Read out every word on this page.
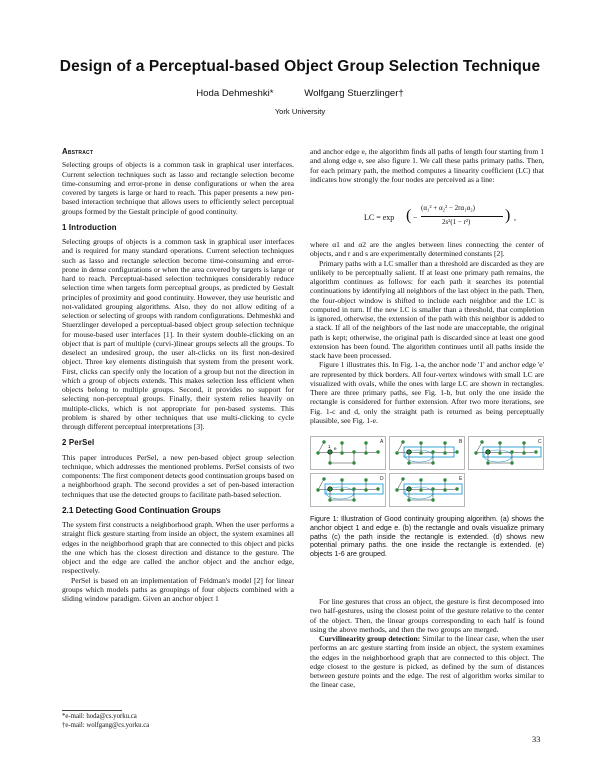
Design of a Perceptual-based Object Group Selection Technique
Hoda Dehmeshki*	Wolfgang Stuerzlinger†
York University
Abstract

Selecting groups of objects is a common task in graphical user interfaces. Current selection techniques such as lasso and rectangle selection become time-consuming and error-prone in dense configurations or when the area covered by targets is large or hard to reach. This paper presents a new pen-based interaction technique that allows users to efficiently select perceptual groups formed by the Gestalt principle of good continuity.

1 Introduction

Selecting groups of objects is a common task in graphical user interfaces and is required for many standard operations. Current selection techniques such as lasso and rectangle selection become time-consuming and error-prone in dense configurations or when the area covered by targets is large or hard to reach. Perceptual-based selection techniques considerably reduce selection time when targets form perceptual groups, as predicted by Gestalt principles of proximity and good continuity. However, they use heuristic and not-validated grouping algorithms. Also, they do not allow editing of a selection or selecting of groups with random configurations. Dehmeshki and Stuerzlinger developed a perceptual-based object group selection technique for mouse-based user interfaces [1]. In their system double-clicking on an object that is part of multiple (curvi-)linear groups selects all the groups. To deselect an undesired group, the user alt-clicks on its first non-desired object. Three key elements distinguish that system from the present work. First, clicks can specify only the location of a group but not the direction in which a group of objects extends. This makes selection less efficient when objects belong to multiple groups. Second, it provides no support for selecting non-perceptual groups. Finally, their system relies heavily on multiple-clicks, which is not appropriate for pen-based systems. This problem is shared by other techniques that use multi-clicking to cycle through different perceptual interpretations [3].

2 PerSel

This paper introduces PerSel, a new pen-based object group selection technique, which addresses the mentioned problems. PerSel consists of two components: The first component detects good continuation groups based on a neighborhood graph. The second provides a set of pen-based interaction techniques that use the detected groups to facilitate path-based selection.

2.1 Detecting Good Continuation Groups

The system first constructs a neighborhood graph. When the user performs a straight flick gesture starting from inside an object, the system examines all edges in the neighborhood graph that are connected to this object and picks the one which has the closest direction and distance to the gesture. The object and the edge are called the anchor object and the anchor edge, respectively.

PerSel is based on an implementation of Feldman's model [2] for linear groups which models paths as groupings of four objects combined with a sliding window paradigm. Given an anchor object 1

*e-mail: hoda@cs.yorku.ca
†e-mail: wolfgang@cs.yorku.ca

and anchor edge e, the algorithm finds all paths of length four starting from 1 and along edge e, see also figure 1. We call these paths primary paths. Then, for each primary path, the method computes a linearity coefficient (LC) that indicates how strongly the four nodes are perceived as a line:

LC = exp ( −
(α₁² + α₂² − 2rα₁α₂)
2s²(1 − r²) ) ,

where α1 and α2 are the angles between lines connecting the center of objects, and r and s are experimentally determined constants [2].

Primary paths with a LC smaller than a threshold are discarded as they are unlikely to be perceptually salient. If at least one primary path remains, the algorithm continues as follows: for each path it searches its potential continuations by identifying all neighbors of the last object in the path. Then, the four-object window is shifted to include each neighbor and the LC is computed in turn. If the new LC is smaller than a threshold, that completion is ignored, otherwise, the extension of the path with this neighbor is added to a stack. If all of the neighbors of the last node are unacceptable, the original path is kept; otherwise, the original path is discarded since at least one good extension has been found. The algorithm continues until all paths inside the stack have been processed.

Figure 1 illustrates this. In Fig. 1-a, the anchor node '1' and anchor edge 'e' are represented by thick borders. All four-vertex windows with small LC are visualized with ovals, while the ones with large LC are shown in rectangles. There are three primary paths, see Fig. 1-b, but only the one inside the rectangle is considered for further extension. After two more iterations, see Fig. 1-c and d, only the straight path is returned as being perceptually plausible, see Fig. 1-e.

A
1 e
B	C
D	E
Figure 1: Illustration of Good continuity grouping algorithm. (a) shows the anchor object 1 and edge e. (b) the rectangle and ovals visualize primary paths (c) the path inside the rectangle is extended. (d) shows new potential primary paths. the one inside the rectangle is extended. (e) objects 1-6 are grouped.

For line gestures that cross an object, the gesture is first decomposed into two half-gestures, using the closest point of the gesture relative to the center of the object. Then, the linear groups corresponding to each half is found using the above methods, and then the two groups are merged.

Curvilinearity group detection: Similar to the linear case, when the user performs an arc gesture starting from inside an object, the system examines the edges in the neighborhood graph that are connected to this object. The edge closest to the gesture is picked, as defined by the sum of distances between gesture points and the edge. The rest of algorithm works similar to the linear case,

33
